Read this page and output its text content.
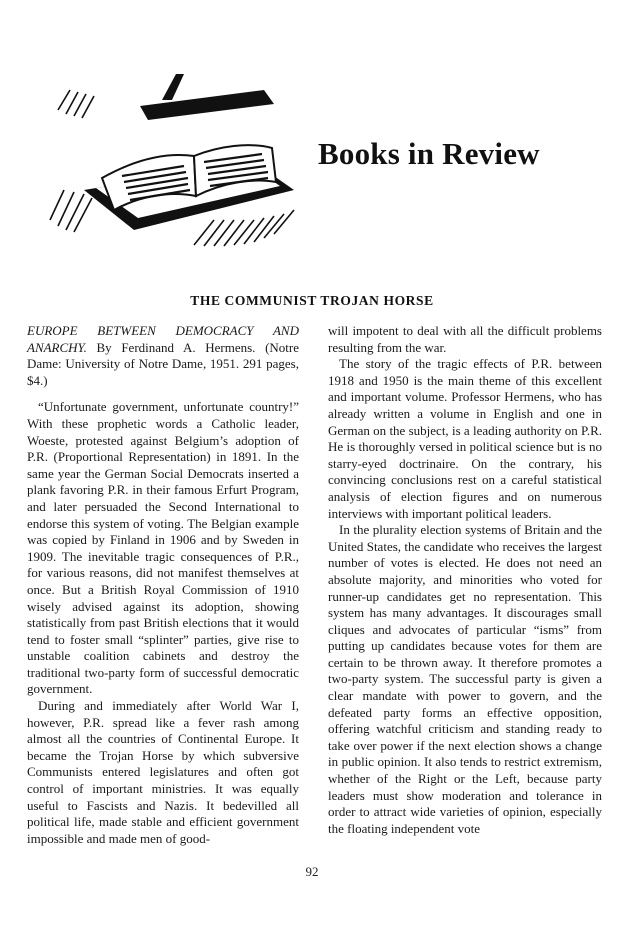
Books in Review
THE COMMUNIST TROJAN HORSE
EUROPE BETWEEN DEMOCRACY AND ANARCHY. By Ferdinand A. Hermens. (Notre Dame: University of Notre Dame, 1951. 291 pages, $4.)

“Unfortunate government, unfortunate country!” With these prophetic words a Catholic leader, Woeste, protested against Belgium’s adoption of P.R. (Proportional Representation) in 1891. In the same year the German Social Democrats inserted a plank favoring P.R. in their famous Erfurt Program, and later persuaded the Second International to endorse this system of voting. The Belgian example was copied by Finland in 1906 and by Sweden in 1909. The inevitable tragic consequences of P.R., for various reasons, did not manifest themselves at once. But a British Royal Commission of 1910 wisely advised against its adoption, showing statistically from past British elections that it would tend to foster small “splinter” parties, give rise to unstable coalition cabinets and destroy the traditional two-party form of successful democratic government.

During and immediately after World War I, however, P.R. spread like a fever rash among almost all the countries of Continental Europe. It became the Trojan Horse by which subversive Communists entered legislatures and often got control of important ministries. It was equally useful to Fascists and Nazis. It bedevilled all political life, made stable and efficient government impossible and made men of good-

will impotent to deal with all the difficult problems resulting from the war.

The story of the tragic effects of P.R. between 1918 and 1950 is the main theme of this excellent and important volume. Professor Hermens, who has already written a volume in English and one in German on the subject, is a leading authority on P.R. He is thoroughly versed in political science but is no starry-eyed doctrinaire. On the contrary, his convincing conclusions rest on a careful statistical analysis of election figures and on numerous interviews with important political leaders.

In the plurality election systems of Britain and the United States, the candidate who receives the largest number of votes is elected. He does not need an absolute majority, and minorities who voted for runner-up candidates get no representation. This system has many advantages. It discourages small cliques and advocates of particular “isms” from putting up candidates because votes for them are certain to be thrown away. It therefore promotes a two-party system. The successful party is given a clear mandate with power to govern, and the defeated party forms an effective opposition, offering watchful criticism and standing ready to take over power if the next election shows a change in public opinion. It also tends to restrict extremism, whether of the Right or the Left, because party leaders must show moderation and tolerance in order to attract wide varieties of opinion, especially the floating independent vote

92
